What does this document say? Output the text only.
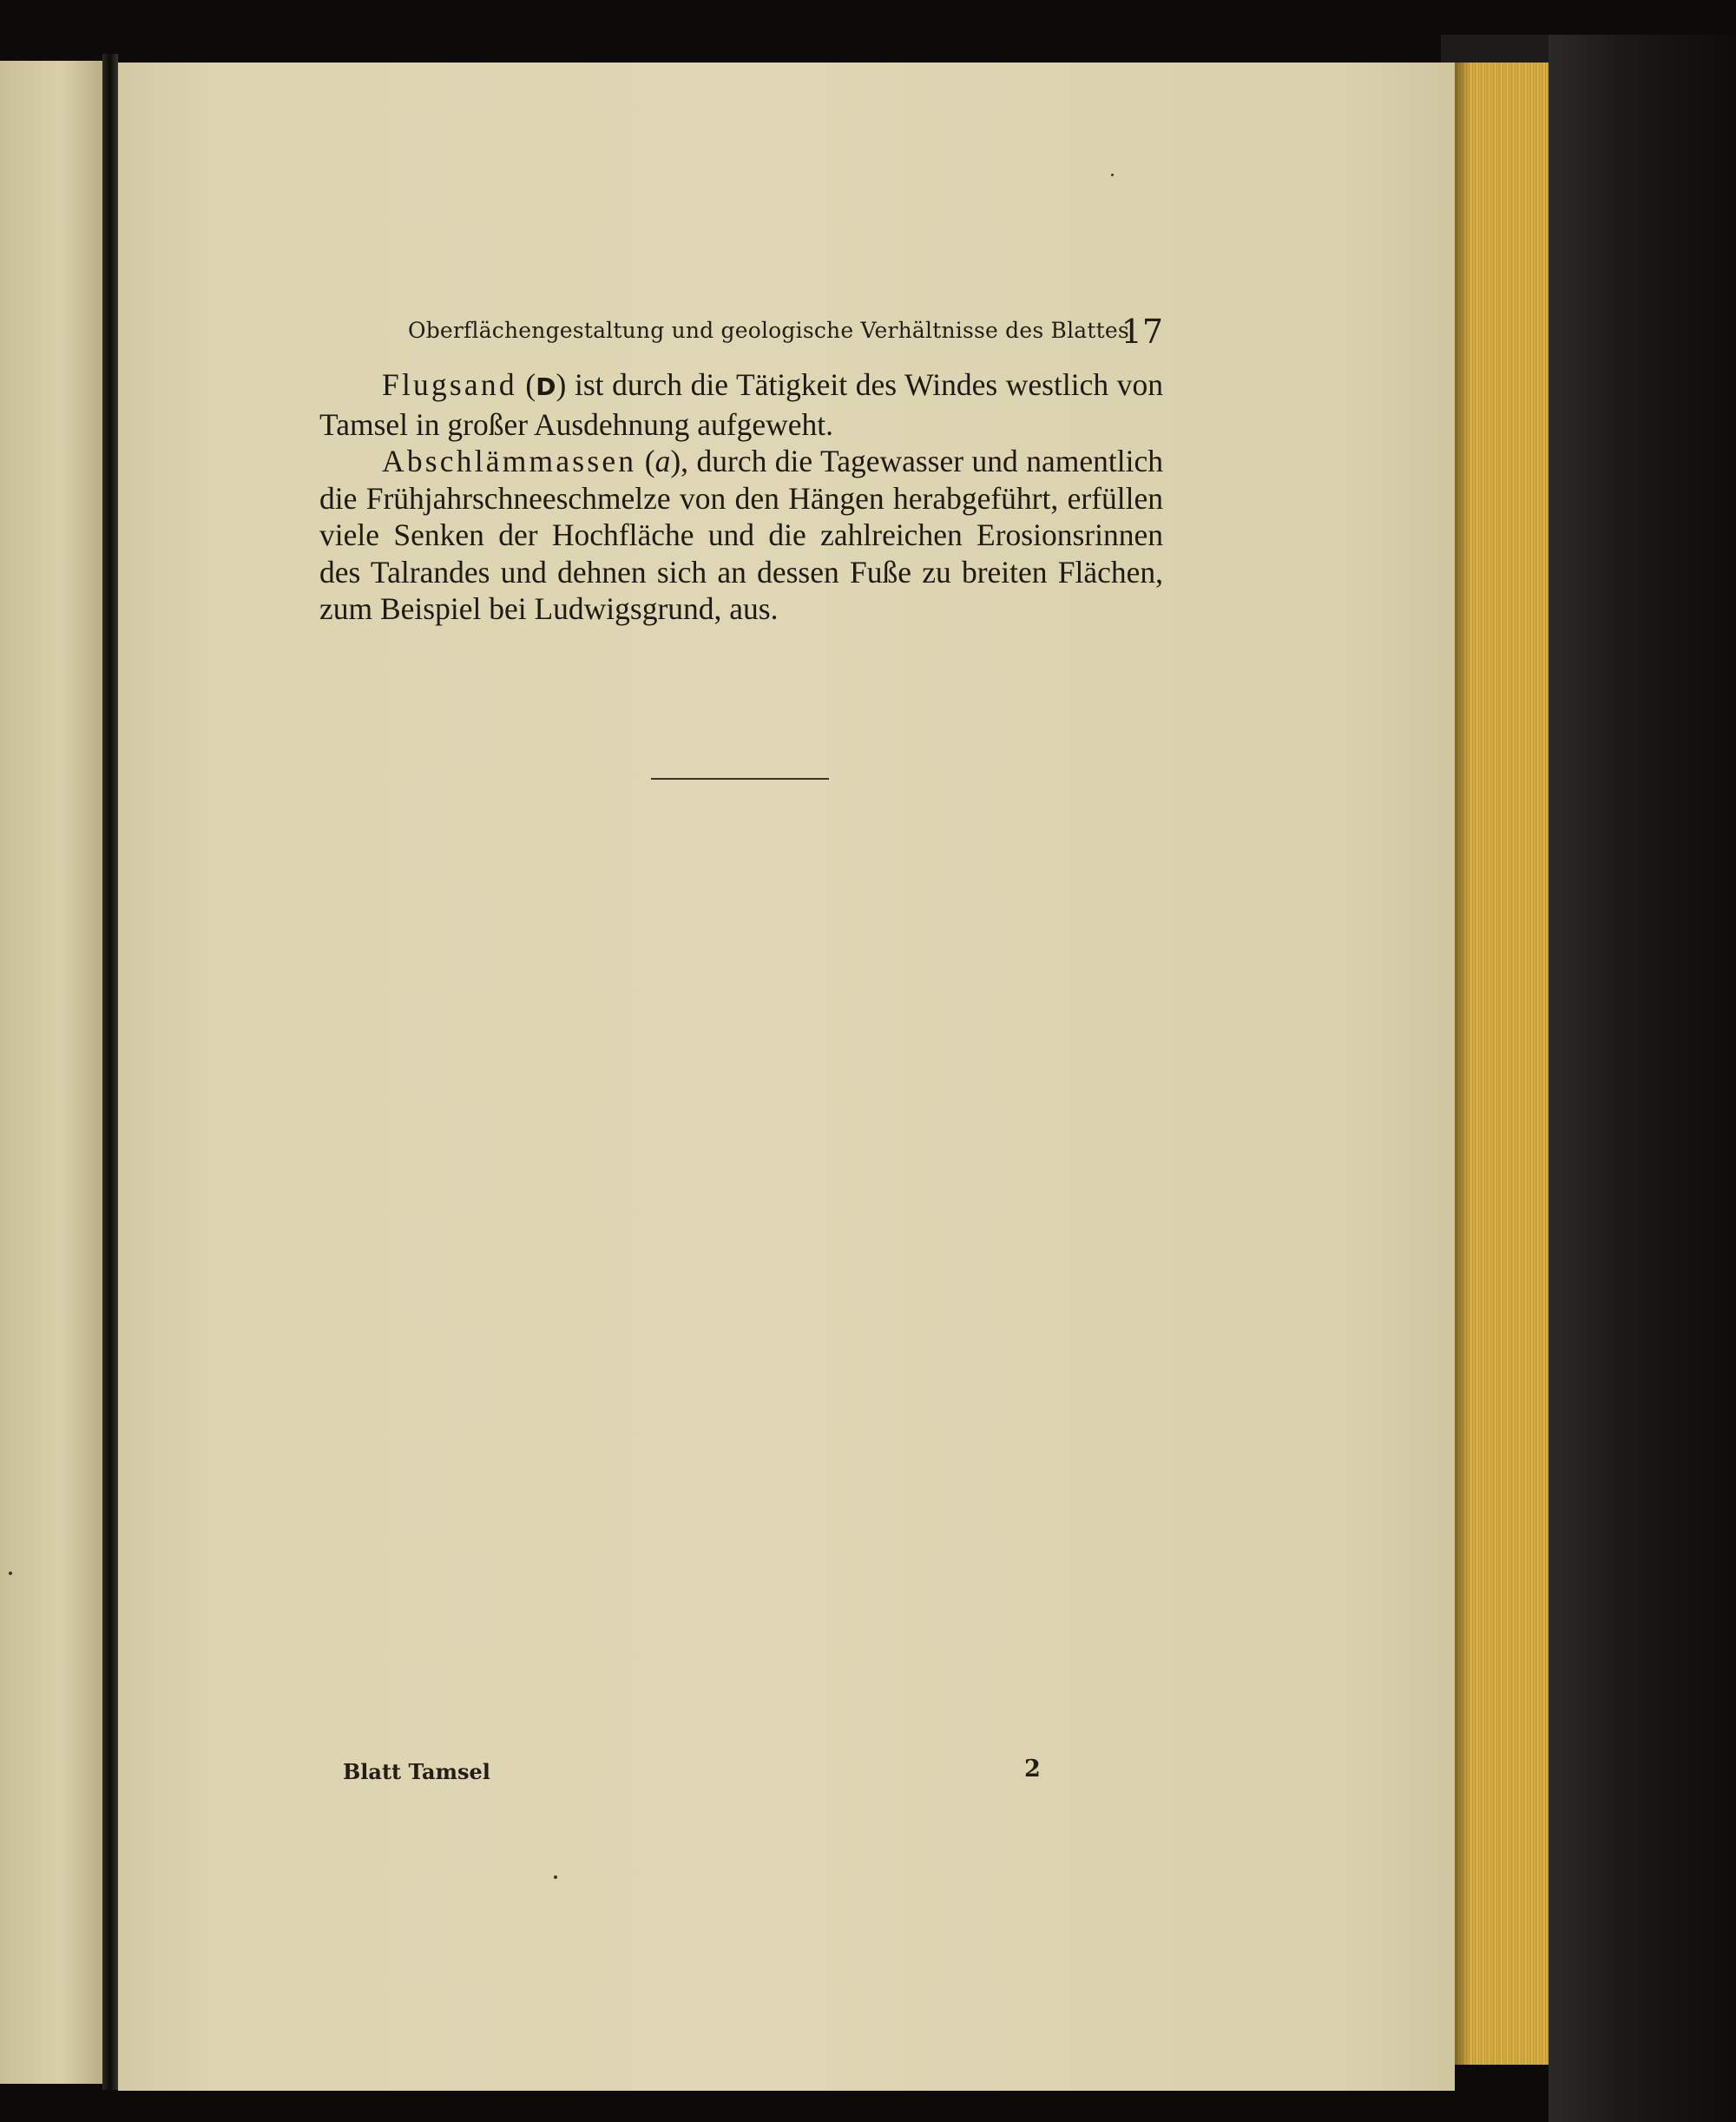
Oberflächengestaltung und geologische Verhältnisse des Blattes
17

Flugsand (D) ist durch die Tätigkeit des Windes westlich von Tamsel in großer Ausdehnung aufgeweht.

Abschlämmassen (a), durch die Tagewasser und namentlich die Frühjahrschneeschmelze von den Hängen herabgeführt, erfüllen viele Senken der Hochfläche und die zahlreichen Erosionsrinnen des Talrandes und dehnen sich an dessen Fuße zu breiten Flächen, zum Beispiel bei Ludwigsgrund, aus.

Blatt Tamsel	2
